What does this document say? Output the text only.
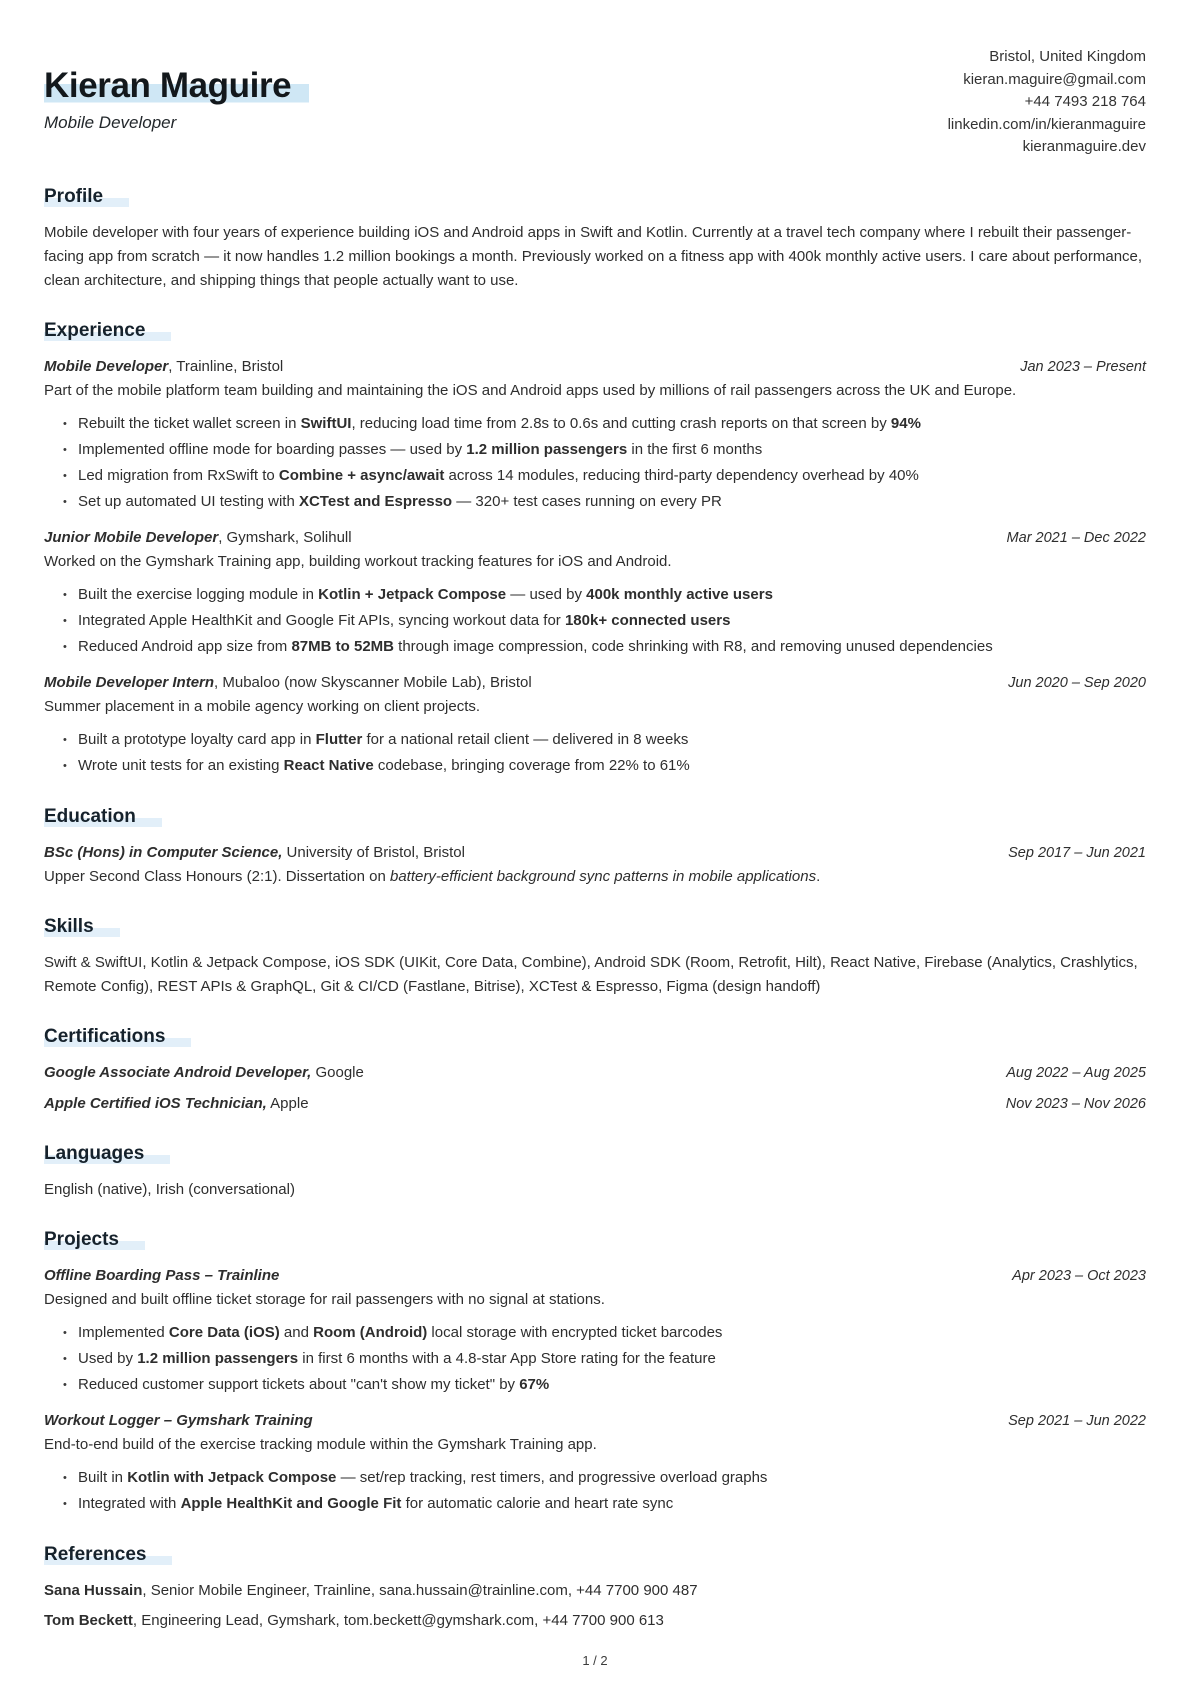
Kieran Maguire
Mobile Developer
Bristol, United Kingdom
kieran.maguire@gmail.com
+44 7493 218 764
linkedin.com/in/kieranmaguire
kieranmaguire.dev
Profile

Mobile developer with four years of experience building iOS and Android apps in Swift and Kotlin. Currently at a travel tech company where I rebuilt their passenger-facing app from scratch — it now handles 1.2 million bookings a month. Previously worked on a fitness app with 400k monthly active users. I care about performance, clean architecture, and shipping things that people actually want to use.

Experience
Mobile Developer, Trainline, Bristol	Jan 2023 – Present

Part of the mobile platform team building and maintaining the iOS and Android apps used by millions of rail passengers across the UK and Europe.

• Rebuilt the ticket wallet screen in SwiftUI, reducing load time from 2.8s to 0.6s and cutting crash reports on that screen by 94%
• Implemented offline mode for boarding passes — used by 1.2 million passengers in the first 6 months
• Led migration from RxSwift to Combine + async/await across 14 modules, reducing third-party dependency overhead by 40%
• Set up automated UI testing with XCTest and Espresso — 320+ test cases running on every PR
Junior Mobile Developer, Gymshark, Solihull	Mar 2021 – Dec 2022

Worked on the Gymshark Training app, building workout tracking features for iOS and Android.

• Built the exercise logging module in Kotlin + Jetpack Compose — used by 400k monthly active users
• Integrated Apple HealthKit and Google Fit APIs, syncing workout data for 180k+ connected users
• Reduced Android app size from 87MB to 52MB through image compression, code shrinking with R8, and removing unused dependencies
Mobile Developer Intern, Mubaloo (now Skyscanner Mobile Lab), Bristol	Jun 2020 – Sep 2020

Summer placement in a mobile agency working on client projects.

• Built a prototype loyalty card app in Flutter for a national retail client — delivered in 8 weeks
• Wrote unit tests for an existing React Native codebase, bringing coverage from 22% to 61%
Education
BSc (Hons) in Computer Science, University of Bristol, Bristol	Sep 2017 – Jun 2021

Upper Second Class Honours (2:1). Dissertation on battery-efficient background sync patterns in mobile applications.

Skills

Swift & SwiftUI, Kotlin & Jetpack Compose, iOS SDK (UIKit, Core Data, Combine), Android SDK (Room, Retrofit, Hilt), React Native, Firebase (Analytics, Crashlytics, Remote Config), REST APIs & GraphQL, Git & CI/CD (Fastlane, Bitrise), XCTest & Espresso, Figma (design handoff)

Certifications
Google Associate Android Developer, Google	Aug 2022 – Aug 2025
Apple Certified iOS Technician, Apple	Nov 2023 – Nov 2026
Languages

English (native), Irish (conversational)

Projects
Offline Boarding Pass – Trainline	Apr 2023 – Oct 2023

Designed and built offline ticket storage for rail passengers with no signal at stations.

• Implemented Core Data (iOS) and Room (Android) local storage with encrypted ticket barcodes
• Used by 1.2 million passengers in first 6 months with a 4.8-star App Store rating for the feature
• Reduced customer support tickets about "can't show my ticket" by 67%
Workout Logger – Gymshark Training	Sep 2021 – Jun 2022

End-to-end build of the exercise tracking module within the Gymshark Training app.

• Built in Kotlin with Jetpack Compose — set/rep tracking, rest timers, and progressive overload graphs
• Integrated with Apple HealthKit and Google Fit for automatic calorie and heart rate sync
References

Sana Hussain, Senior Mobile Engineer, Trainline, sana.hussain@trainline.com, +44 7700 900 487

Tom Beckett, Engineering Lead, Gymshark, tom.beckett@gymshark.com, +44 7700 900 613

1 / 2
